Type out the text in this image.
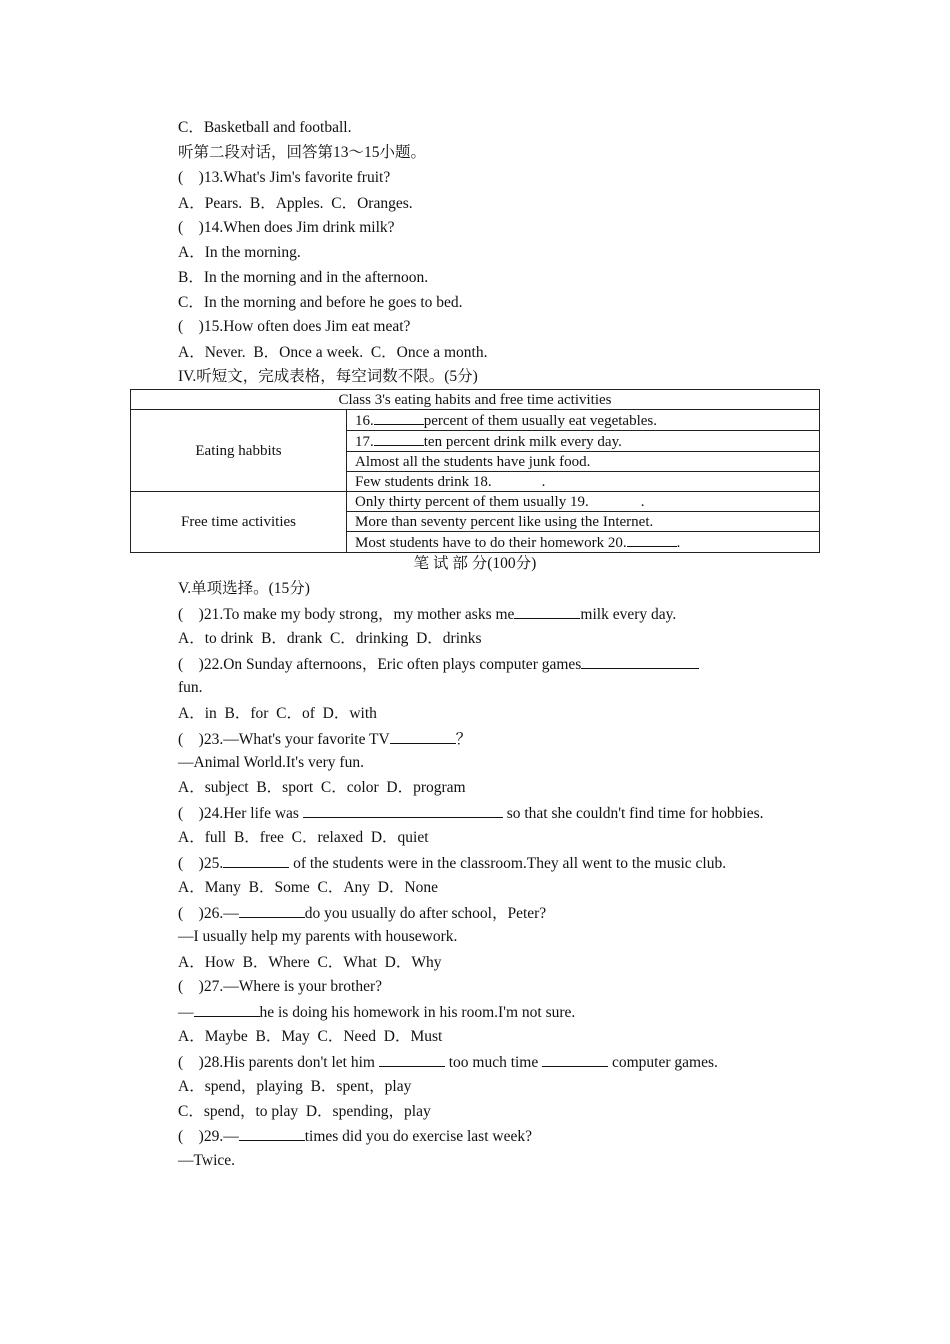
C．Basketball and football.
听第二段对话，回答第13～15小题。
(    )13.What's Jim's favorite fruit?
A．Pears.  B．Apples.  C．Oranges.
(    )14.When does Jim drink milk?
A．In the morning.
B．In the morning and in the afternoon.
C．In the morning and before he goes to bed.
(    )15.How often does Jim eat meat?
A．Never.  B．Once a week.  C．Once a month.
IV.听短文，完成表格，每空词数不限。(5分)
Class 3's eating habits and free time activities	
Eating habbits	16. percent of them usually eat vegetables.
	17. ten percent drink milk every day.
	Almost all the students have junk food.
	Few students drink 18. .
Free time activities	Only thirty percent of them usually 19. .
	More than seventy percent like using the Internet.
	Most students have to do their homework 20. .
笔 试 部 分(100分)
V.单项选择。(15分)
(    )21.To make my body strong，my mother asks me	milk every day.
A．to drink  B．drank  C．drinking  D．drinks
(    )22.On Sunday afternoons，Eric often plays computer games
fun.
A．in  B．for  C．of  D．with
(    )23.—What's your favorite TV	？
—Animal World.It's very fun.
A．subject  B．sport  C．color  D．program
(    )24.Her life was	so that she couldn't find time for hobbies.
A．full  B．free  C．relaxed  D．quiet
(    )25.	of the students were in the classroom.They all went to the music club.
A．Many  B．Some  C．Any  D．None
(    )26.—	do you usually do after school，Peter?
—I usually help my parents with housework.
A．How  B．Where  C．What  D．Why
(    )27.—Where is your brother?
—	he is doing his homework in his room.I'm not sure.
A．Maybe  B．May  C．Need  D．Must
(    )28.His parents don't let him	too much time	computer games.
A．spend，playing  B．spent，play
C．spend，to play  D．spending，play
(    )29.—	times did you do exercise last week?
—Twice.
